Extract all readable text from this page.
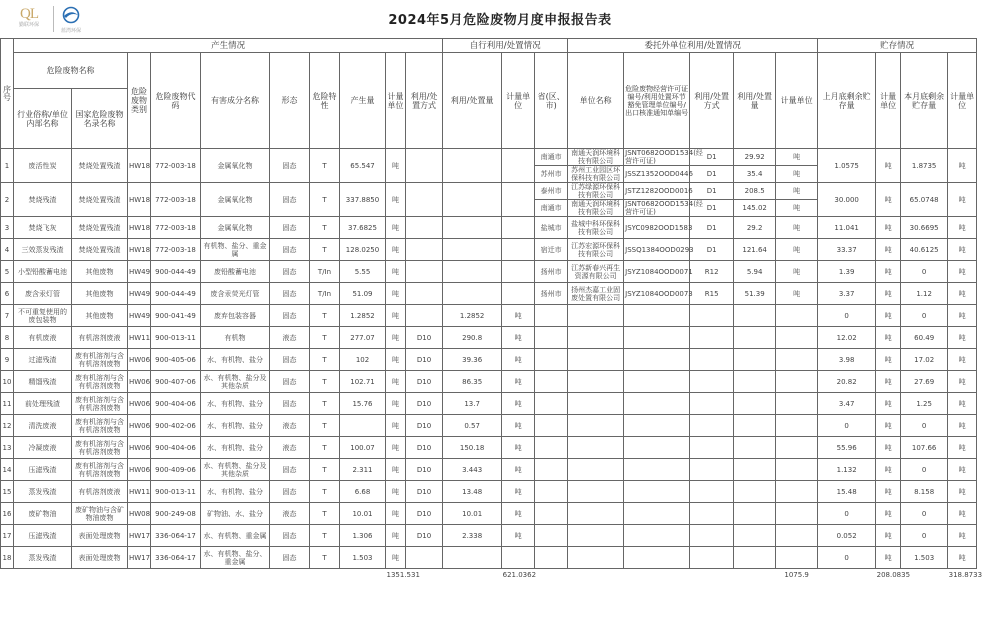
QL
勤联环保
蓝湾环保
2024年5月危险废物月度申报报告表
序号	产生情况										自行利用/处置情况			委托外单位利用/处置情况					贮存情况				
	危险废物名称		危险废物类别	危险废物代码	有害成分名称	形态	危险特性	产生量	计量单位	利用/处置方式	利用/处置量	计量单位	省(区、市)	单位名称	危险废物经营许可证编号/利用处置环节豁免管理单位编号/出口核准通知单编号	利用/处置方式	利用/处置量	计量单位	上月底剩余贮存量	计量单位	本月底剩余贮存量	计量单位	
	行业俗称/单位内部名称	国家危险废物名录名称																					
1	废活性炭	焚烧处置残渣	HW18	772-003-18	金属氧化物	固态	T	65.547	吨				南通市	南通天润环境科技有限公司	JSNT0682OOD1534(经营许可证)	D1	29.92	吨	1.0575	吨	1.8735	吨	
													苏州市	苏州工业园区环保科技有限公司	JSSZ1352OOD0446	D1	35.4	吨					
2	焚烧残渣	焚烧处置残渣	HW18	772-003-18	金属氧化物	固态	T	337.8850	吨				泰州市	江苏绿源环保科技有限公司	JSTZ1282OOD0016	D1	208.5	吨	30.000	吨	65.0748	吨	
													南通市	南通天润环境科技有限公司	JSNT0682OOD1534(经营许可证)	D1	145.02	吨					
3	焚烧飞灰	焚烧处置残渣	HW18	772-003-18	金属氧化物	固态	T	37.6825	吨				盐城市	盐城中科环保科技有限公司	JSYC0982OOD1583	D1	29.2	吨	11.041	吨	30.6695	吨	
4	三效蒸发残渣	焚烧处置残渣	HW18	772-003-18	有机物、盐分、重金属	固态	T	128.0250	吨				宿迁市	江苏宏源环保科技有限公司	JSSQ1384OOD0293	D1	121.64	吨	33.37	吨	40.6125	吨	
5	小型铅酸蓄电池	其他废物	HW49	900-044-49	废铅酸蓄电池	固态	T/In	5.55	吨				扬州市	江苏新春兴再生资源有限公司	JSYZ1084OOD0071	R12	5.94	吨	1.39	吨	0	吨	
6	废含汞灯管	其他废物	HW49	900-044-49	废含汞荧光灯管	固态	T/In	51.09	吨				扬州市	扬州杰嘉工业固废处置有限公司	JSYZ1084OOD0073	R15	51.39	吨	3.37	吨	1.12	吨	
7	不可重复使用的废包装物	其他废物	HW49	900-041-49	废弃包装容器	固态	T	1.2852	吨		1.2852	吨							0	吨	0	吨	
8	有机废液	有机溶剂废液	HW11	900-013-11	有机物	液态	T	277.07	吨	D10	290.8	吨							12.02	吨	60.49	吨	
9	过滤残渣	废有机溶剂与含有机溶剂废物	HW06	900-405-06	水、有机物、盐分	固态	T	102	吨	D10	39.36	吨							3.98	吨	17.02	吨	
10	精馏残渣	废有机溶剂与含有机溶剂废物	HW06	900-407-06	水、有机物、盐分及其他杂质	固态	T	102.71	吨	D10	86.35	吨							20.82	吨	27.69	吨	
11	前处理残渣	废有机溶剂与含有机溶剂废物	HW06	900-404-06	水、有机物、盐分	固态	T	15.76	吨	D10	13.7	吨							3.47	吨	1.25	吨	
12	清洗废液	废有机溶剂与含有机溶剂废物	HW06	900-402-06	水、有机物、盐分	液态	T		吨	D10	0.57	吨							0	吨	0	吨	
13	冷凝废液	废有机溶剂与含有机溶剂废物	HW06	900-404-06	水、有机物、盐分	液态	T	100.07	吨	D10	150.18	吨							55.96	吨	107.66	吨	
14	压滤残渣	废有机溶剂与含有机溶剂废物	HW06	900-409-06	水、有机物、盐分及其他杂质	固态	T	2.311	吨	D10	3.443	吨							1.132	吨	0	吨	
15	蒸发残渣	有机溶剂废液	HW11	900-013-11	水、有机物、盐分	固态	T	6.68	吨	D10	13.48	吨							15.48	吨	8.158	吨	
16	废矿物油	废矿物油与含矿物油废物	HW08	900-249-08	矿物油、水、盐分	液态	T	10.01	吨	D10	10.01	吨							0	吨	0	吨	
17	压滤残渣	表面处理废物	HW17	336-064-17	水、有机物、重金属	固态	T	1.306	吨	D10	2.338	吨							0.052	吨	0	吨	
18	蒸发残渣	表面处理废物	HW17	336-064-17	水、有机物、盐分、重金属	固态	T	1.503	吨										0	吨	1.503	吨	
									1351.531			621.0362						1075.9		208.0835		318.8733	
